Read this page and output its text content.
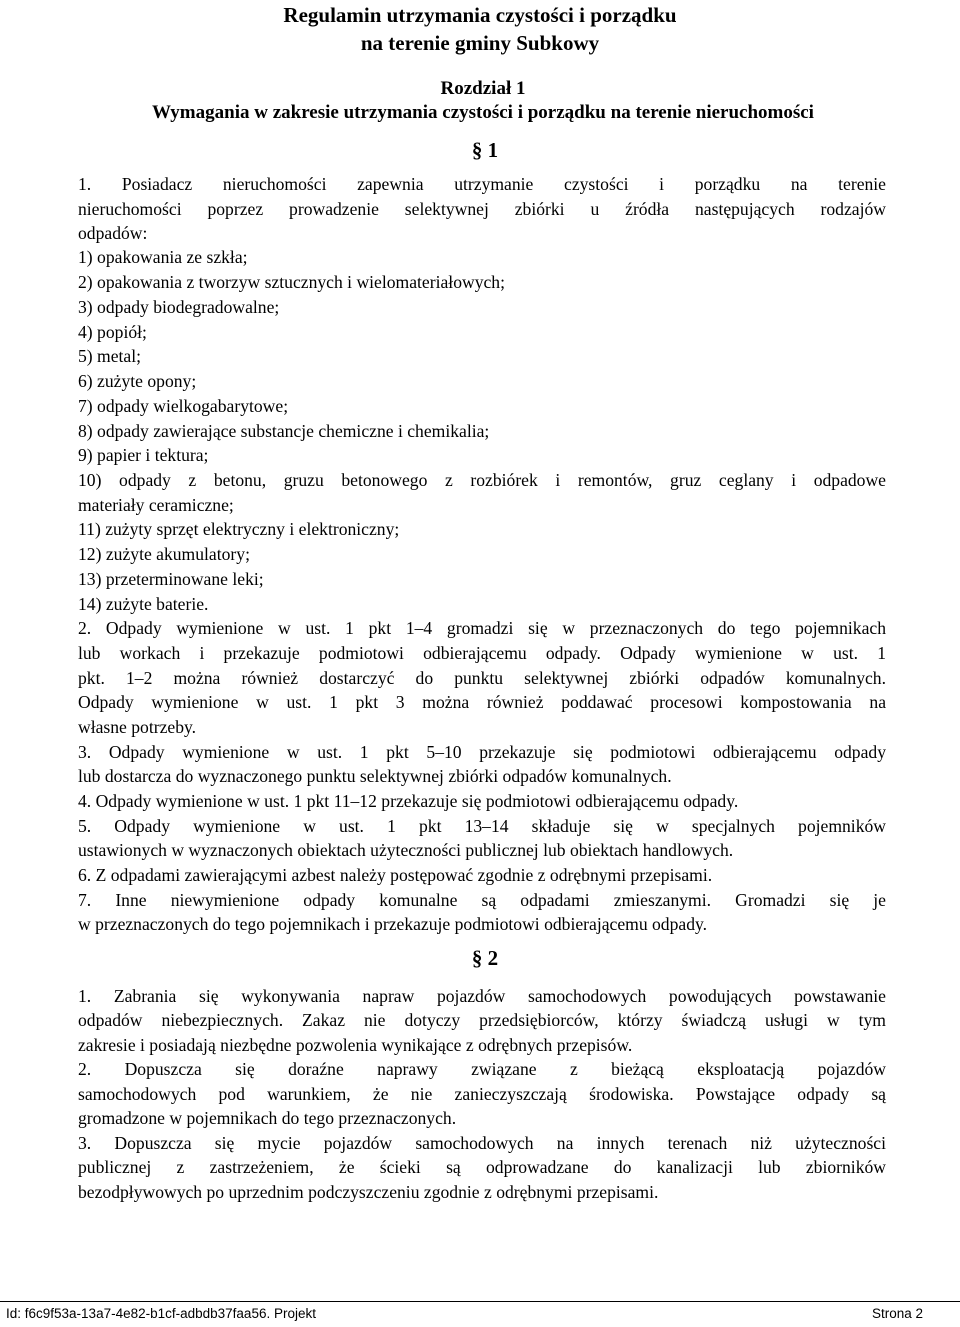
Regulamin utrzymania czystości i porządku
na terenie gminy Subkowy
Rozdział 1
Wymagania w zakresie utrzymania czystości i porządku na terenie nieruchomości
§ 1

1. Posiadacz nieruchomości zapewnia utrzymanie czystości i porządku na terenie

nieruchomości poprzez prowadzenie selektywnej zbiórki u źródła następujących rodzajów

odpadów:

1) opakowania ze szkła;

2) opakowania z tworzyw sztucznych i wielomateriałowych;

3) odpady biodegradowalne;

4) popiół;

5) metal;

6) zużyte opony;

7) odpady wielkogabarytowe;

8) odpady zawierające substancje chemiczne i chemikalia;

9) papier i tektura;

10) odpady z betonu, gruzu betonowego z rozbiórek i remontów, gruz ceglany i odpadowe

materiały ceramiczne;

11) zużyty sprzęt elektryczny i elektroniczny;

12) zużyte akumulatory;

13) przeterminowane leki;

14) zużyte baterie.

2. Odpady wymienione w ust. 1 pkt 1–4 gromadzi się w przeznaczonych do tego pojemnikach

lub workach i przekazuje podmiotowi odbierającemu odpady. Odpady wymienione w ust. 1

pkt. 1–2 można również dostarczyć do punktu selektywnej zbiórki odpadów komunalnych.

Odpady wymienione w ust. 1 pkt 3 można również poddawać procesowi kompostowania na

własne potrzeby.

3. Odpady wymienione w ust. 1 pkt 5–10 przekazuje się podmiotowi odbierającemu odpady

lub dostarcza do wyznaczonego punktu selektywnej zbiórki odpadów komunalnych.

4. Odpady wymienione w ust. 1 pkt 11–12 przekazuje się podmiotowi odbierającemu odpady.

5. Odpady wymienione w ust. 1 pkt 13–14 składuje się w specjalnych pojemników

ustawionych w wyznaczonych obiektach użyteczności publicznej lub obiektach handlowych.

6. Z odpadami zawierającymi azbest należy postępować zgodnie z odrębnymi przepisami.

7. Inne niewymienione odpady komunalne są odpadami zmieszanymi. Gromadzi się je

w przeznaczonych do tego pojemnikach i przekazuje podmiotowi odbierającemu odpady.

§ 2

1. Zabrania się wykonywania napraw pojazdów samochodowych powodujących powstawanie

odpadów niebezpiecznych. Zakaz nie dotyczy przedsiębiorców, którzy świadczą usługi w tym

zakresie i posiadają niezbędne pozwolenia wynikające z odrębnych przepisów.

2. Dopuszcza się doraźne naprawy związane z bieżącą eksploatacją pojazdów

samochodowych pod warunkiem, że nie zanieczyszczają środowiska. Powstające odpady są

gromadzone w pojemnikach do tego przeznaczonych.

3. Dopuszcza się mycie pojazdów samochodowych na innych terenach niż użyteczności

publicznej z zastrzeżeniem, że ścieki są odprowadzane do kanalizacji lub zbiorników

bezodpływowych po uprzednim podczyszczeniu zgodnie z odrębnymi przepisami.

Id: f6c9f53a-13a7-4e82-b1cf-adbdb37faa56. Projekt	Strona 2
